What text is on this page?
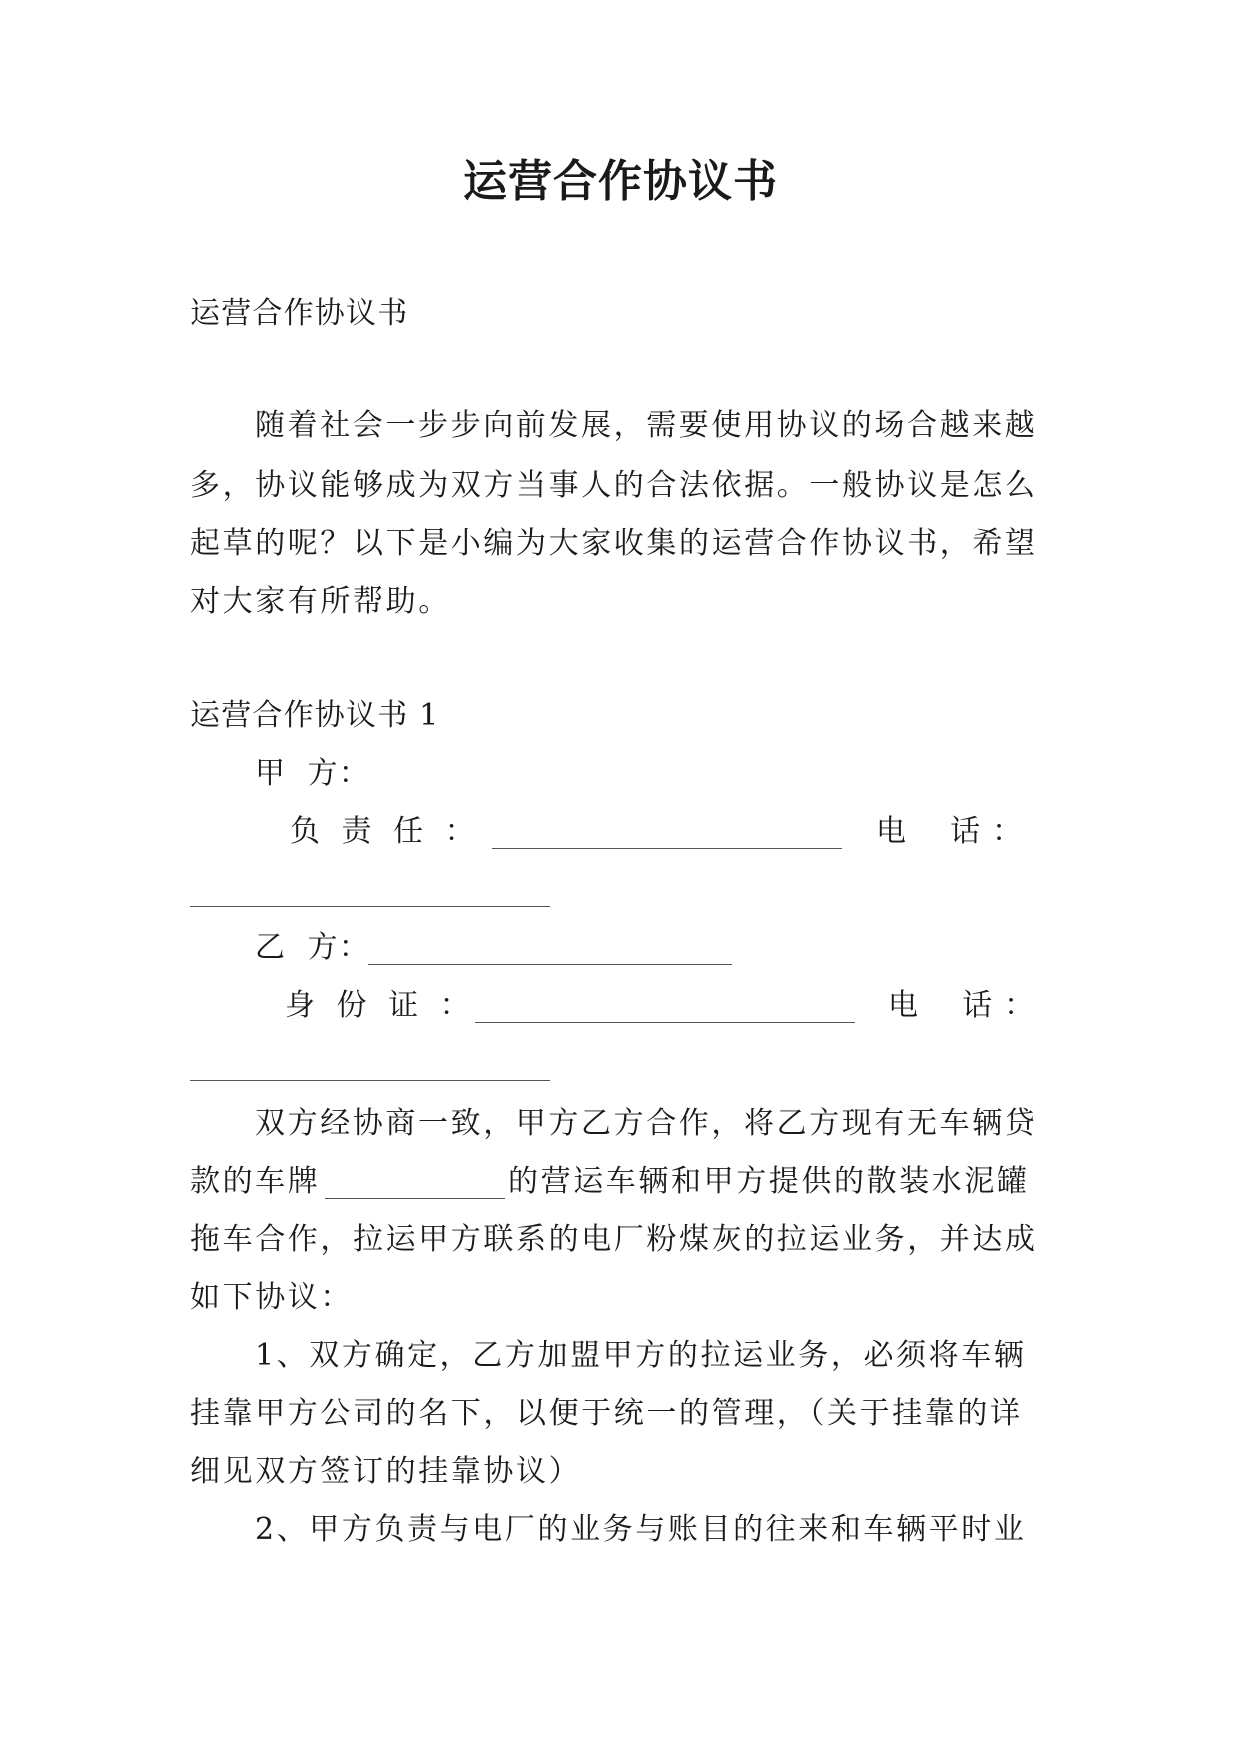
运营合作协议书
运营合作协议书
随着社会一步步向前发展，需要使用协议的场合越来越
多，协议能够成为双方当事人的合法依据。一般协议是怎么
起草的呢？以下是小编为大家收集的运营合作协议书，希望
对大家有所帮助。
运营合作协议书 1
甲  方：
负 责 任 ：	电    话 ：
乙  方：
身 份 证 ：	电    话 ：
双方经协商一致，甲方乙方合作，将乙方现有无车辆贷
款的车牌	的营运车辆和甲方提供的散装水泥罐
拖车合作，拉运甲方联系的电厂粉煤灰的拉运业务，并达成
如下协议：
1、双方确定，乙方加盟甲方的拉运业务，必须将车辆
挂靠甲方公司的名下，以便于统一的管理，（关于挂靠的详
细见双方签订的挂靠协议）
2、甲方负责与电厂的业务与账目的往来和车辆平时业
